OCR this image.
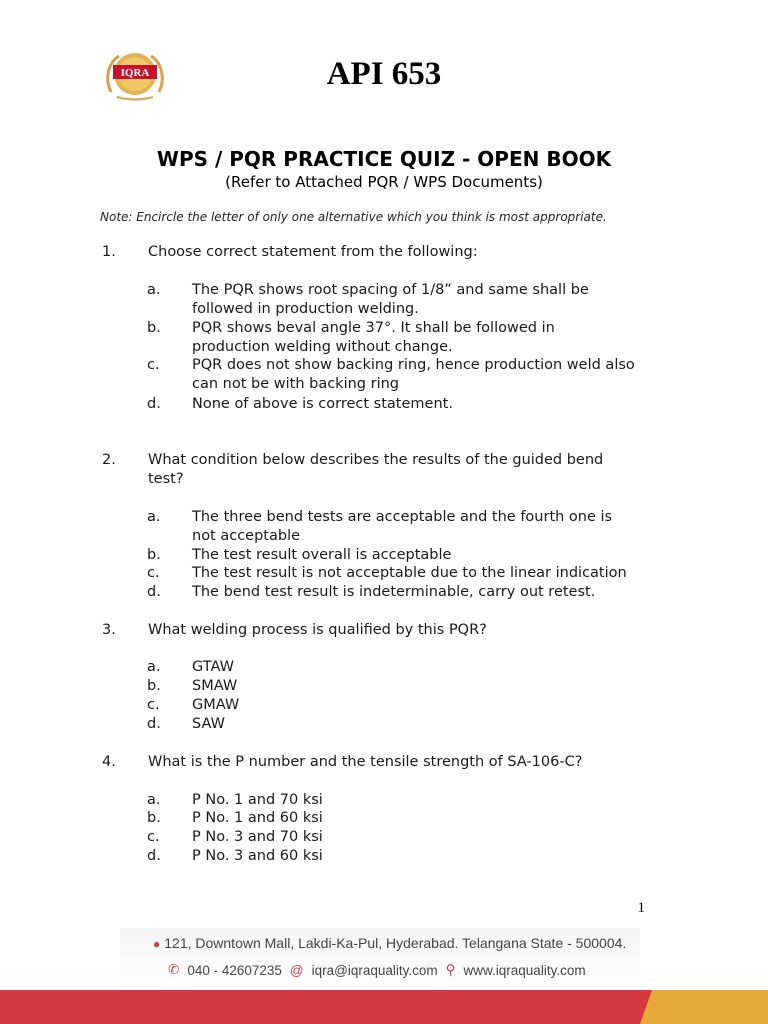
IQRA	API 653
WPS / PQR PRACTICE QUIZ - OPEN BOOK
(Refer to Attached PQR / WPS Documents)
Note: Encircle the letter of only one alternative which you think is most appropriate.
1. Choose correct statement from the following:
a. The PQR shows root spacing of 1/8” and same shall be followed in production welding.
b. PQR shows beval angle 37°. It shall be followed in production welding without change.
c. PQR does not show backing ring, hence production weld also can not be with backing ring
d. None of above is correct statement.
2. What condition below describes the results of the guided bend test?
a. The three bend tests are acceptable and the fourth one is not acceptable
b. The test result overall is acceptable
c. The test result is not acceptable due to the linear indication
d. The bend test result is indeterminable, carry out retest.
3. What welding process is qualified by this PQR?
a. GTAW
b. SMAW
c. GMAW
d. SAW
4. What is the P number and the tensile strength of SA-106-C?
a. P No. 1 and 70 ksi
b. P No. 1 and 60 ksi
c. P No. 3 and 70 ksi
d. P No. 3 and 60 ksi
1
● 121, Downtown Mall, Lakdi-Ka-Pul, Hyderabad. Telangana State - 500004.
✆ 040 - 42607235 @ iqra@iqraquality.com ⚲ www.iqraquality.com
